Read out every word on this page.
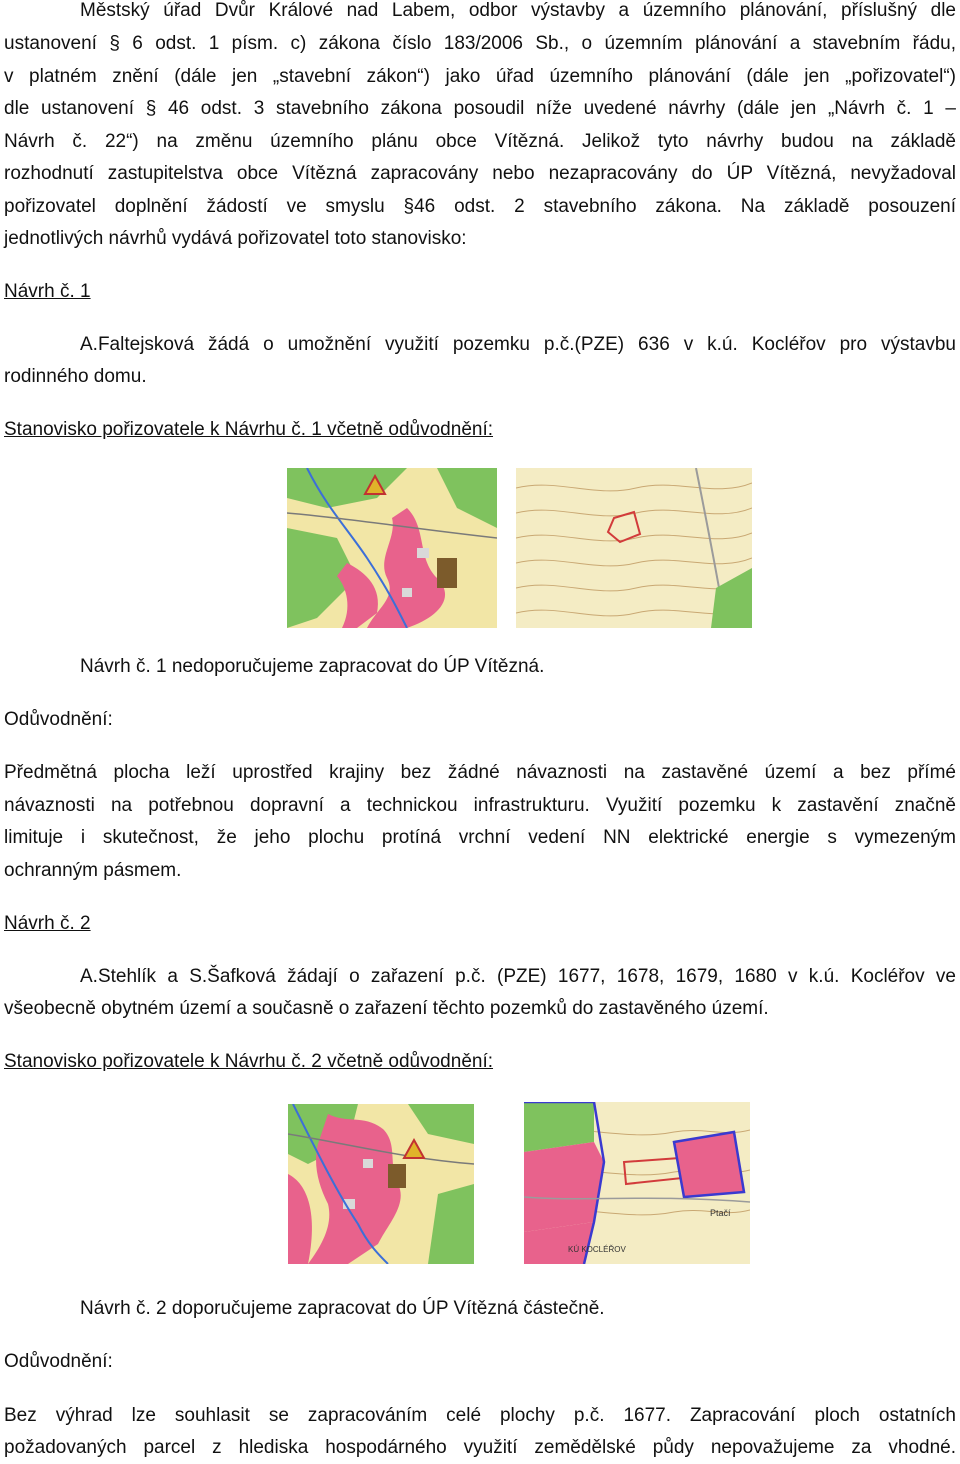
Městský úřad Dvůr Králové nad Labem, odbor výstavby a územního plánování, příslušný dle
ustanovení § 6 odst. 1 písm. c) zákona číslo 183/2006 Sb., o územním plánování a stavebním řádu,
v platném znění (dále jen „stavební zákon“) jako úřad územního plánování (dále jen „pořizovatel“)
dle ustanovení § 46 odst. 3 stavebního zákona posoudil níže uvedené návrhy (dále jen „Návrh č. 1 –
Návrh č. 22“) na změnu územního plánu obce Vítězná. Jelikož tyto návrhy budou na základě
rozhodnutí zastupitelstva obce Vítězná zapracovány nebo nezapracovány do ÚP Vítězná, nevyžadoval
pořizovatel doplnění žádostí ve smyslu §46 odst. 2 stavebního zákona. Na základě posouzení
jednotlivých návrhů vydává pořizovatel toto stanovisko:
Návrh č. 1
A.Faltejsková žádá o umožnění využití pozemku p.č.(PZE) 636 v k.ú. Kocléřov pro výstavbu
rodinného domu.
Stanovisko pořizovatele k Návrhu č. 1 včetně odůvodnění:
Návrh č. 1 nedoporučujeme zapracovat do ÚP Vítězná.
Odůvodnění:
Předmětná plocha leží uprostřed krajiny bez žádné návaznosti na zastavěné území a bez přímé
návaznosti na potřebnou dopravní a technickou infrastrukturu. Využití pozemku k zastavění značně
limituje i skutečnost, že jeho plochu protíná vrchní vedení NN elektrické energie s vymezeným
ochranným pásmem.
Návrh č. 2
A.Stehlík a S.Šafková žádají o zařazení p.č. (PZE) 1677, 1678, 1679, 1680 v k.ú. Kocléřov ve
všeobecně obytném území a současně o zařazení těchto pozemků do zastavěného území.
Stanovisko pořizovatele k Návrhu č. 2 včetně odůvodnění:
Ptačí
KÚ KOCLÉŘOV
Návrh č. 2 doporučujeme zapracovat do ÚP Vítězná částečně.
Odůvodnění:
Bez výhrad lze souhlasit se zapracováním celé plochy p.č. 1677. Zapracování ploch ostatních
požadovaných parcel z hlediska hospodárného využití zemědělské půdy nepovažujeme za vhodné.
